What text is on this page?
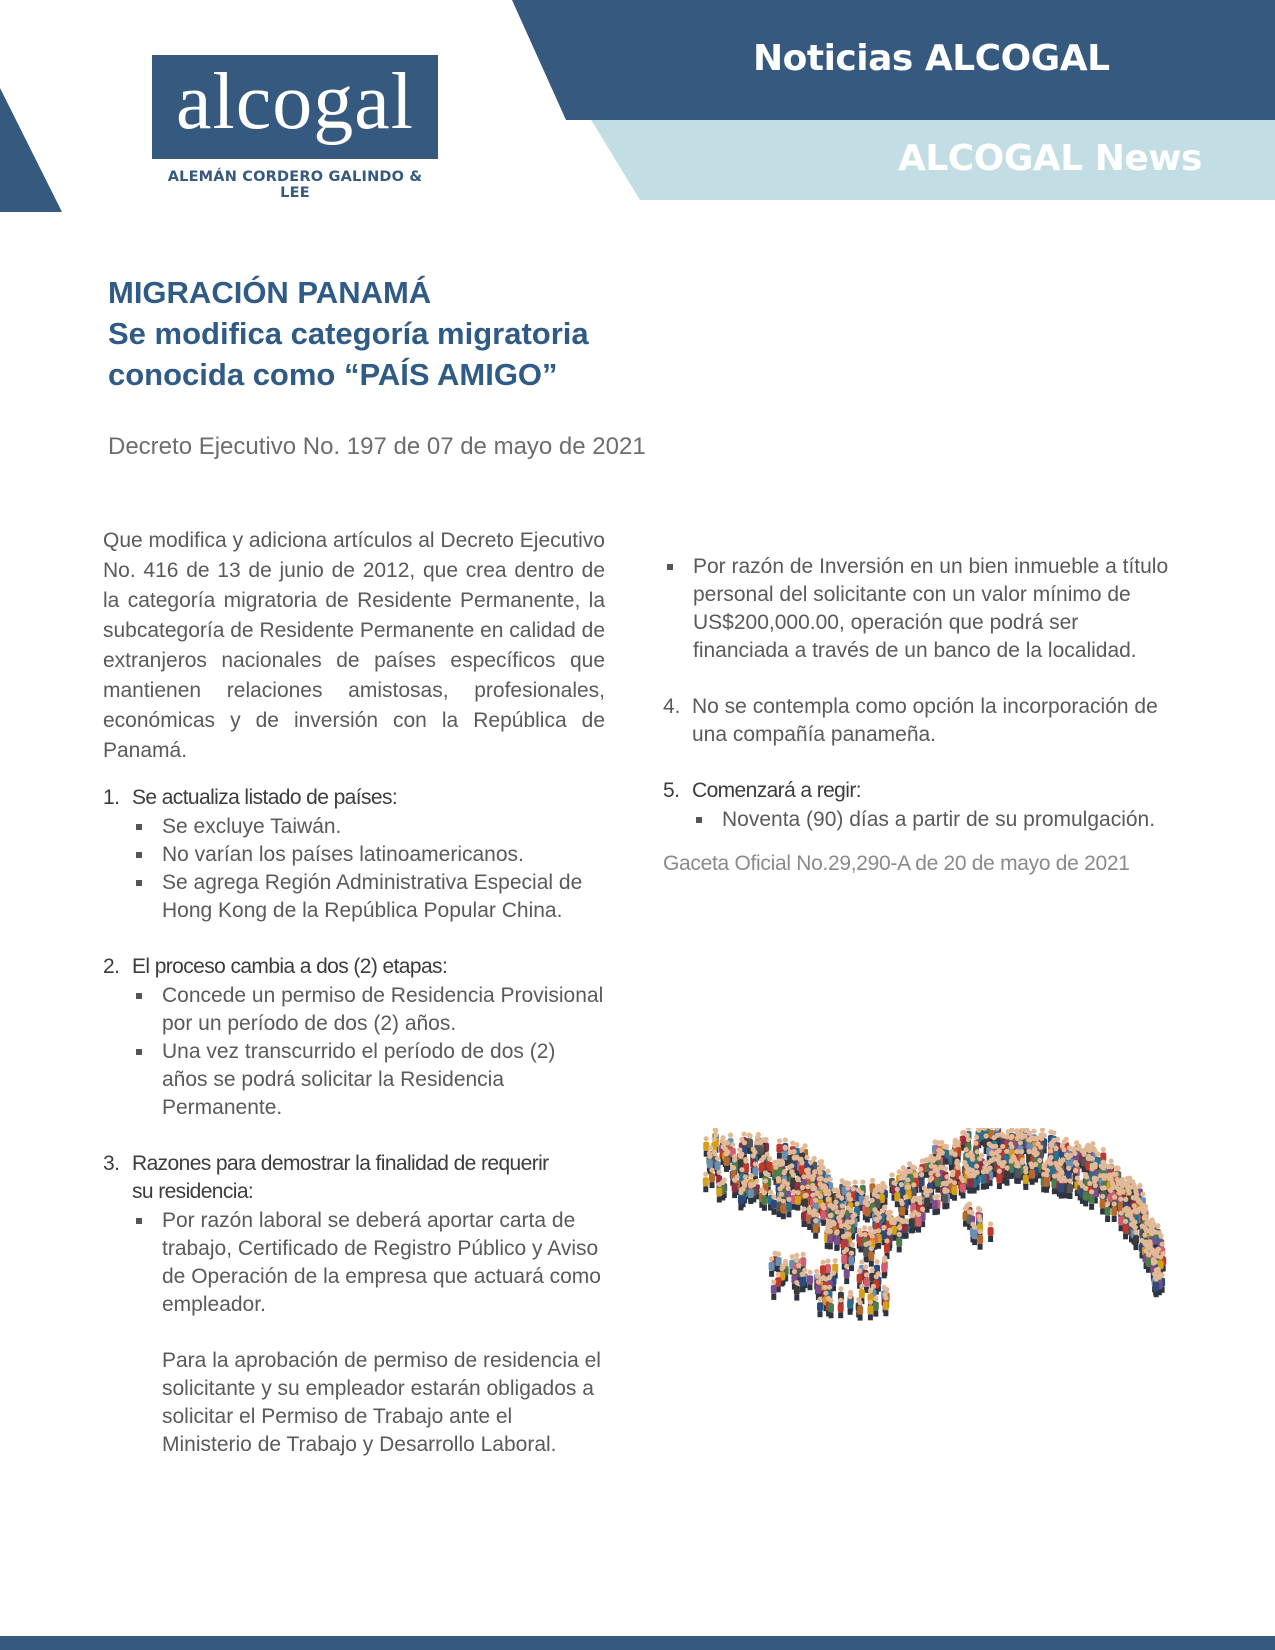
alcogal
ALEMÁN CORDERO GALINDO & LEE
Noticias ALCOGAL
ALCOGAL News
MIGRACIÓN PANAMÁ
Se modifica categoría migratoria
conocida como “PAÍS AMIGO”
Decreto Ejecutivo No. 197 de 07 de mayo de 2021

Que modifica y adiciona artículos al Decreto Ejecutivo No. 416 de 13 de junio de 2012, que crea dentro de la categoría migratoria de Residente Permanente, la subcategoría de Residente Permanente en calidad de extranjeros nacionales de países específicos que mantienen relaciones amistosas, profesionales, económicas y de inversión con la República de Panamá.

1. Se actualiza listado de países:
Se excluye Taiwán.
No varían los países latinoamericanos.
Se agrega Región Administrativa Especial de Hong Kong de la República Popular China.
2. El proceso cambia a dos (2) etapas:
Concede un permiso de Residencia Provisional por un período de dos (2) años.
Una vez transcurrido el período de dos (2) años se podrá solicitar la Residencia Permanente.
3. Razones para demostrar la finalidad de requerir
su residencia:
Por razón laboral se deberá aportar carta de trabajo, Certificado de Registro Público y Aviso de Operación de la empresa que actuará como empleador.

Para la aprobación de permiso de residencia el solicitante y su empleador estarán obligados a solicitar el Permiso de Trabajo ante el Ministerio de Trabajo y Desarrollo Laboral.

Por razón de Inversión en un bien inmueble a título personal del solicitante con un valor mínimo de US$200,000.00, operación que podrá ser financiada a través de un banco de la localidad.
4. No se contempla como opción la incorporación de una compañía panameña.
5. Comenzará a regir:
Noventa (90) días a partir de su promulgación.
Gaceta Oficial No.29,290-A de 20 de mayo de 2021
